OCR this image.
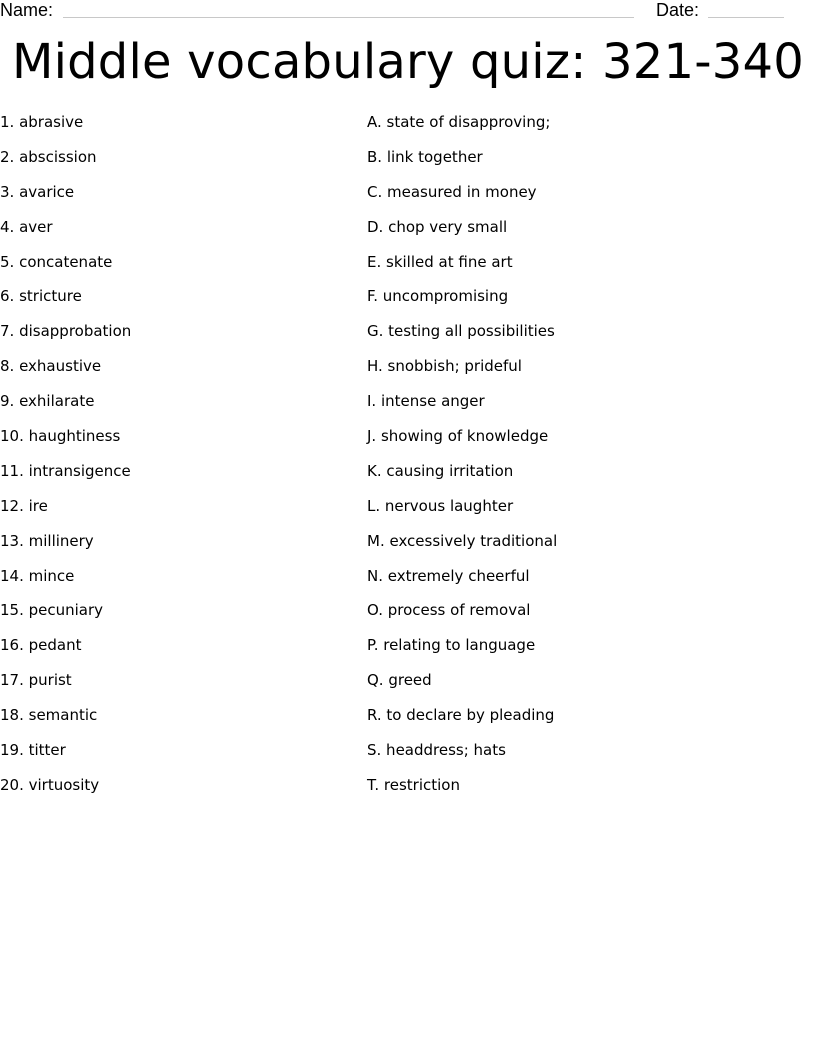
Name:	Date:
Middle vocabulary quiz: 321-340
1. abrasive
2. abscission
3. avarice
4. aver
5. concatenate
6. stricture
7. disapprobation
8. exhaustive
9. exhilarate
10. haughtiness
11. intransigence
12. ire
13. millinery
14. mince
15. pecuniary
16. pedant
17. purist
18. semantic
19. titter
20. virtuosity
A. state of disapproving;
B. link together
C. measured in money
D. chop very small
E. skilled at fine art
F. uncompromising
G. testing all possibilities
H. snobbish; prideful
I. intense anger
J. showing of knowledge
K. causing irritation
L. nervous laughter
M. excessively traditional
N. extremely cheerful
O. process of removal
P. relating to language
Q. greed
R. to declare by pleading
S. headdress; hats
T. restriction
